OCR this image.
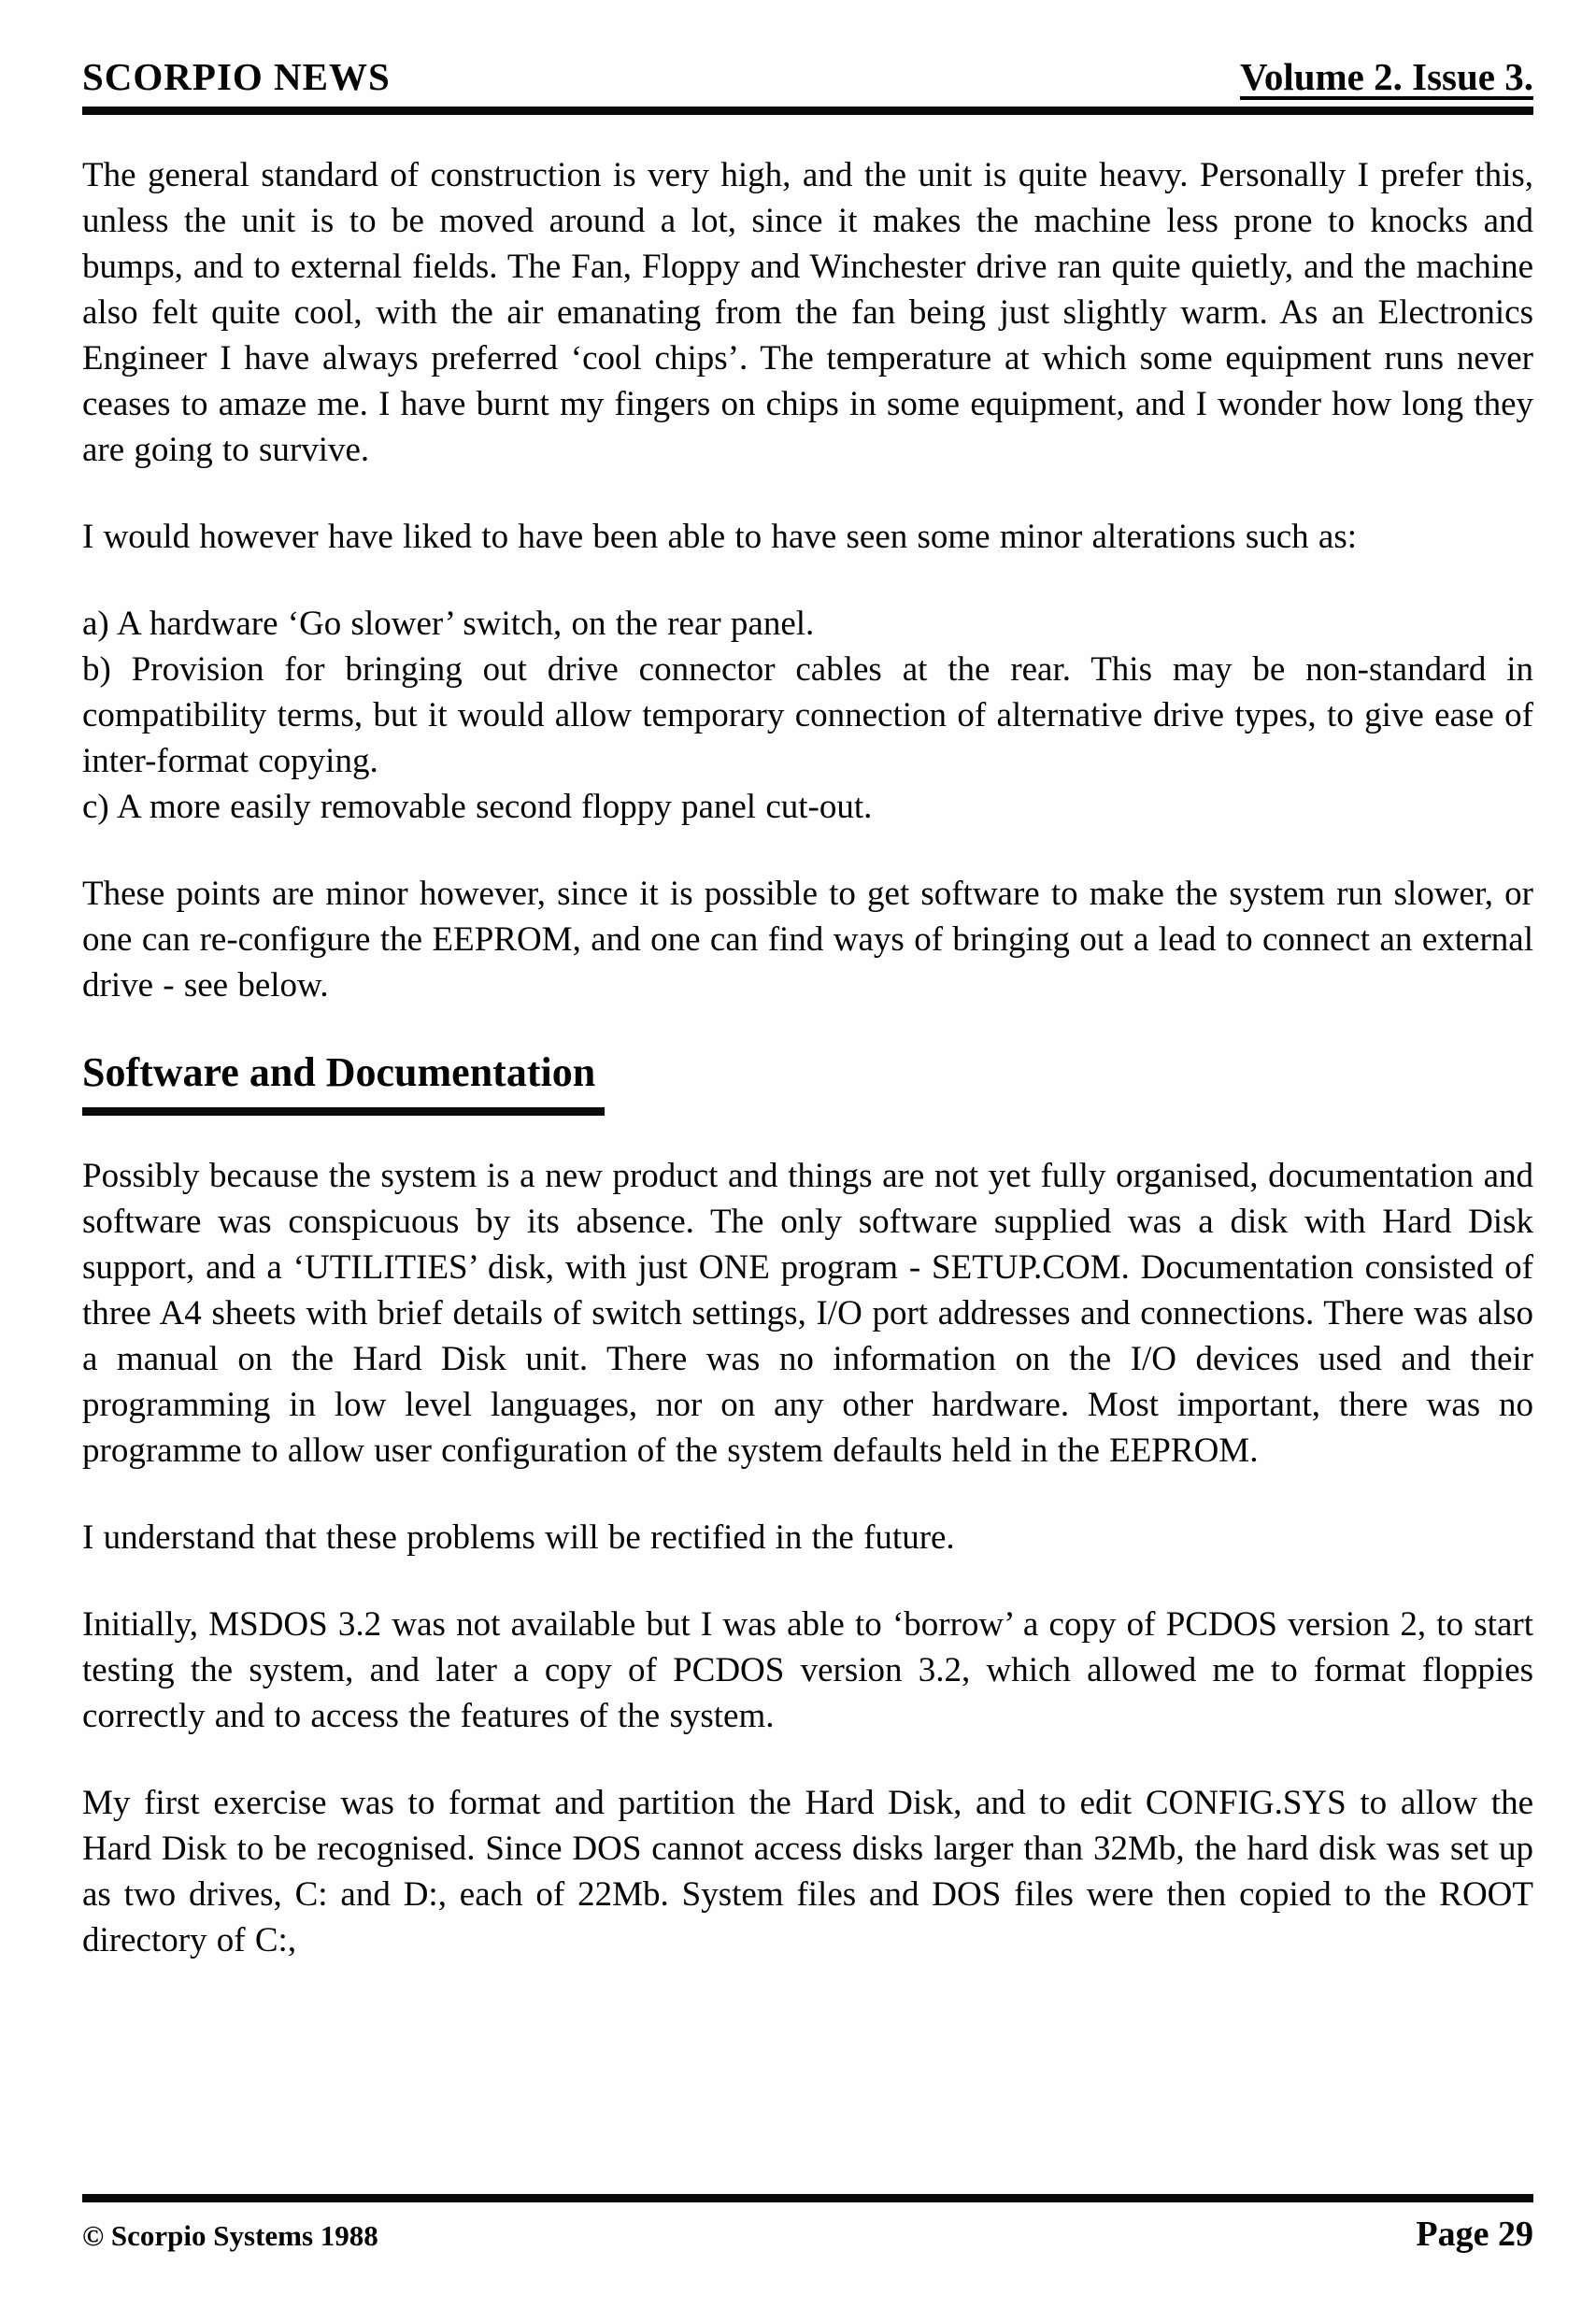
SCORPIO NEWS	Volume 2. Issue 3.

The general standard of construction is very high, and the unit is quite heavy. Personally I prefer this, unless the unit is to be moved around a lot, since it makes the machine less prone to knocks and bumps, and to external fields. The Fan, Floppy and Winchester drive ran quite quietly, and the machine also felt quite cool, with the air emanating from the fan being just slightly warm. As an Electronics Engineer I have always preferred ‘cool chips’. The temperature at which some equipment runs never ceases to amaze me. I have burnt my fingers on chips in some equipment, and I wonder how long they are going to survive.

I would however have liked to have been able to have seen some minor alterations such as:

a) A hardware ‘Go slower’ switch, on the rear panel.

b) Provision for bringing out drive connector cables at the rear. This may be non-standard in compatibility terms, but it would allow temporary connection of alternative drive types, to give ease of inter-format copying.

c) A more easily removable second floppy panel cut-out.

These points are minor however, since it is possible to get software to make the system run slower, or one can re-configure the EEPROM, and one can find ways of bringing out a lead to connect an external drive - see below.

Software and Documentation

Possibly because the system is a new product and things are not yet fully organised, documentation and software was conspicuous by its absence. The only software supplied was a disk with Hard Disk support, and a ‘UTILITIES’ disk, with just ONE program - SETUP.COM. Documentation consisted of three A4 sheets with brief details of switch settings, I/O port addresses and connections. There was also a manual on the Hard Disk unit. There was no information on the I/O devices used and their programming in low level languages, nor on any other hardware. Most important, there was no programme to allow user configuration of the system defaults held in the EEPROM.

I understand that these problems will be rectified in the future.

Initially, MSDOS 3.2 was not available but I was able to ‘borrow’ a copy of PCDOS version 2, to start testing the system, and later a copy of PCDOS version 3.2, which allowed me to format floppies correctly and to access the features of the system.

My first exercise was to format and partition the Hard Disk, and to edit CONFIG.SYS to allow the Hard Disk to be recognised. Since DOS cannot access disks larger than 32Mb, the hard disk was set up as two drives, C: and D:, each of 22Mb. System files and DOS files were then copied to the ROOT directory of C:,

© Scorpio Systems 1988	Page 29
